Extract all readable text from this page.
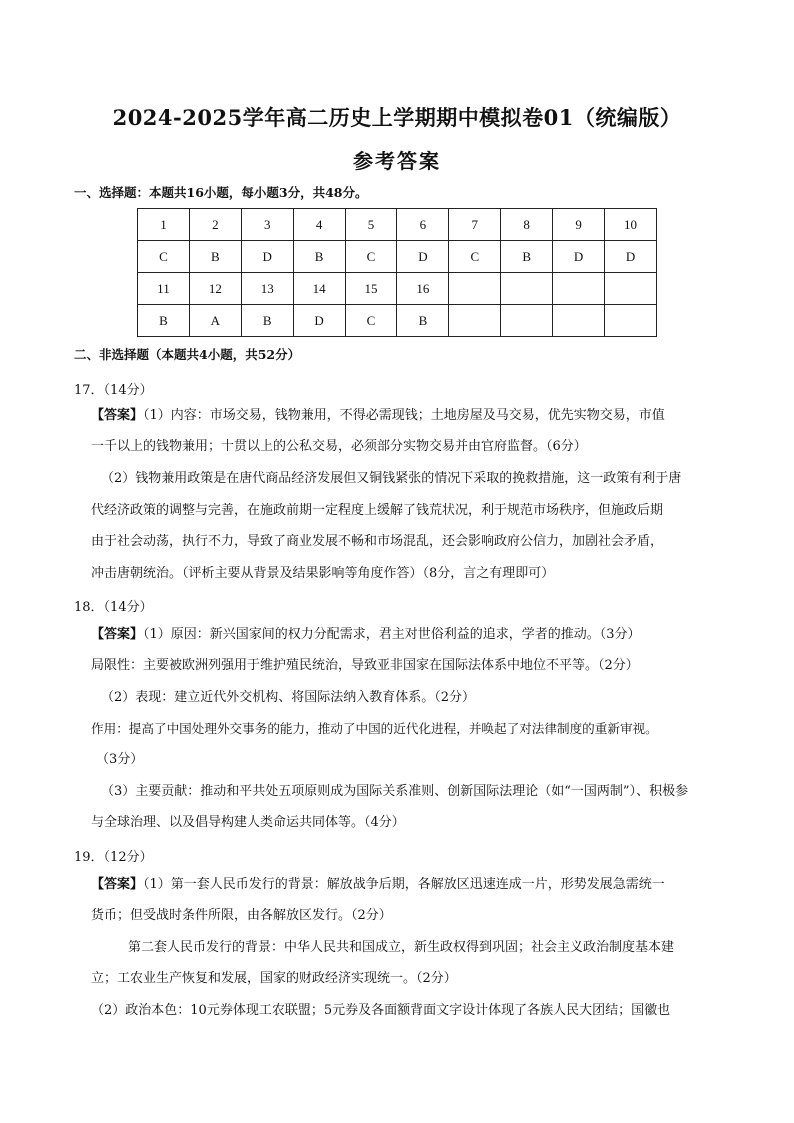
2024-2025学年高二历史上学期期中模拟卷01（统编版）
参考答案
一、选择题：本题共16小题，每小题3分，共48分。
1	2	3	4	5	6	7	8	9	10
C	B	D	B	C	D	C	B	D	D
11	12	13	14	15	16				
B	A	B	D	C	B				
二、非选择题（本题共4小题，共52分）
17．（14分）
【答案】（1）内容：市场交易，钱物兼用，不得必需现钱；土地房屋及马交易，优先实物交易，市值
一千以上的钱物兼用；十贯以上的公私交易，必须部分实物交易并由官府监督。（6分）
（2）钱物兼用政策是在唐代商品经济发展但又铜钱紧张的情况下采取的挽救措施，这一政策有利于唐
代经济政策的调整与完善，在施政前期一定程度上缓解了钱荒状况，利于规范市场秩序，但施政后期
由于社会动荡，执行不力，导致了商业发展不畅和市场混乱，还会影响政府公信力，加剧社会矛盾，
冲击唐朝统治。（评析主要从背景及结果影响等角度作答）（8分，言之有理即可）
18．（14分）
【答案】（1）原因：新兴国家间的权力分配需求，君主对世俗利益的追求，学者的推动。（3分）
局限性：主要被欧洲列强用于维护殖民统治，导致亚非国家在国际法体系中地位不平等。（2分）
（2）表现：建立近代外交机构、将国际法纳入教育体系。（2分）
作用：提高了中国处理外交事务的能力，推动了中国的近代化进程，并唤起了对法律制度的重新审视。
（3分）
（3）主要贡献：推动和平共处五项原则成为国际关系准则、创新国际法理论（如“一国两制”）、积极参
与全球治理、以及倡导构建人类命运共同体等。（4分）
19．（12分）
【答案】（1）第一套人民币发行的背景：解放战争后期，各解放区迅速连成一片，形势发展急需统一
货币；但受战时条件所限，由各解放区发行。（2分）
第二套人民币发行的背景：中华人民共和国成立，新生政权得到巩固；社会主义政治制度基本建
立；工农业生产恢复和发展，国家的财政经济实现统一。（2分）
（2）政治本色：10元券体现工农联盟；5元券及各面额背面文字设计体现了各族人民大团结；国徽也
